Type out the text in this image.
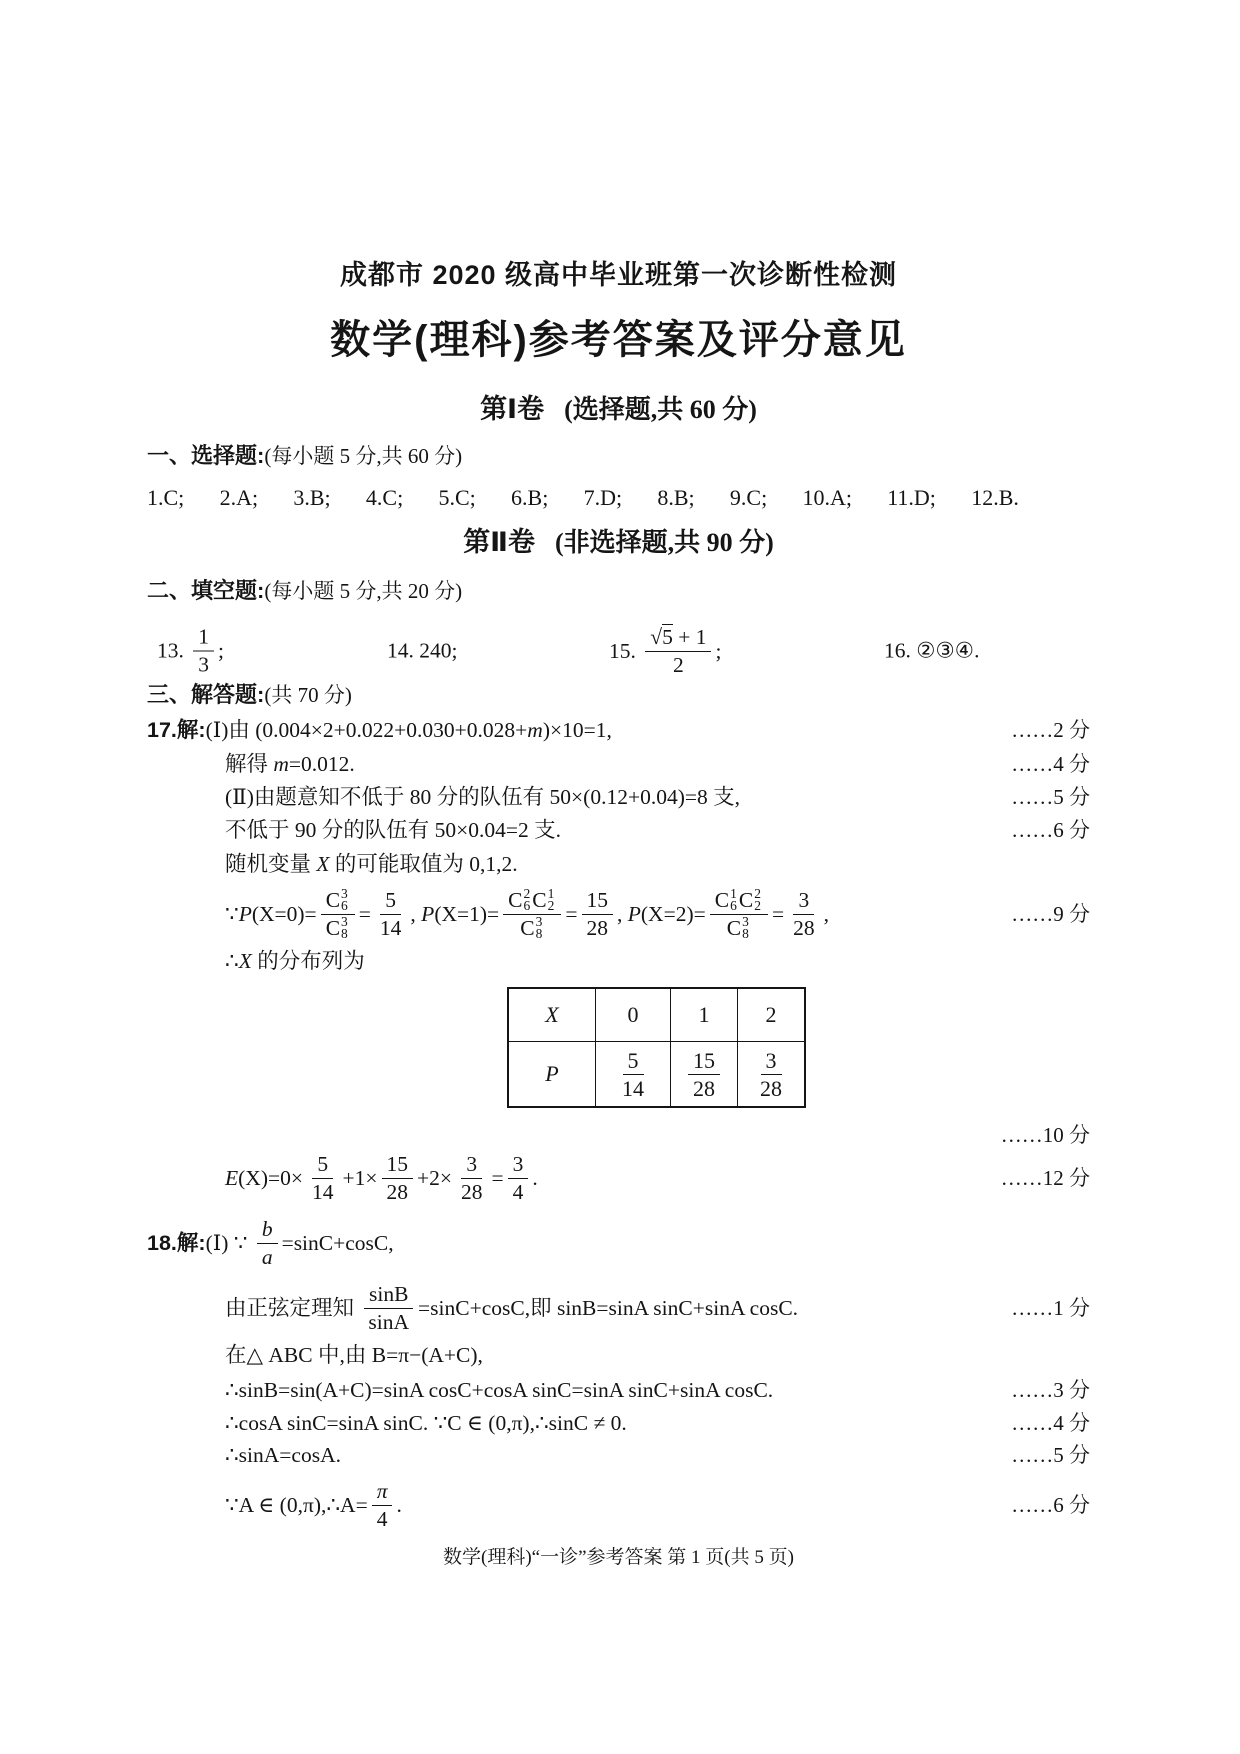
成都市 2020 级高中毕业班第一次诊断性检测
数学(理科)参考答案及评分意见
第Ⅰ卷 (选择题,共 60 分)
一、选择题:(每小题 5 分,共 60 分)
1.C; 2.A; 3.B; 4.C; 5.C; 6.B; 7.D; 8.B; 9.C; 10.A; 11.D; 12.B.
第Ⅱ卷 (非选择题,共 90 分)
二、填空题:(每小题 5 分,共 20 分)
13. $\frac{1}{3}$ ;	14. 240;	15. $\frac{√ 5 + 1}{2}$ ;	16. ②③④.
三、解答题:(共 70 分)
17.解: (Ⅰ)由 (0.004×2+0.022+0.030+0.028+ m )×10=1,	……2 分
解得 m =0.012.	……4 分
(Ⅱ)由题意知不低于 80 分的队伍有 50×(0.12+0.04)=8 支,	……5 分
不低于 90 分的队伍有 50×0.04=2 支.	……6 分
随机变量 X 的可能取值为 0,1,2.
∵ P (X=0)= C 3
6
C 3
$8 = \frac{5}{14}$ , P (X=1)= C 2
6 C 1
2
C 3
$8 = \frac{15}{28}$ , P (X=2)= C 1
6 C 2
2
C 3
$8 = \frac{3}{28}$ ,	……9 分
∴ X 的分布列为
X	0	1	2
P	$\frac{5}{14}$	$\frac{15}{28}$	$\frac{3}{28}$
……10 分
E $(X)=0\times \frac{5}{14} +1\times \frac{15}{28} +2\times \frac{3}{28} = \frac{3}{4}$ .	……12 分
18.解: (Ⅰ) ∵ $\frac{b}{a} =\sin C+\cos C$,
由正弦定理知 $\frac{\sin B}{\sin A} =\sin C+\cos C$,即 sinB=sinA sinC+sinA cosC.	……1 分
在△ ABC 中,由 B=π−(A+C),
∴sinB=sin(A+C)=sinA cosC+cosA sinC=sinA sinC+sinA cosC.	……3 分
∴cosA sinC=sinA sinC. ∵C ∈ (0,π),∴sinC ≠ 0.	……4 分
∴sinA=cosA.	……5 分
∵A ∈ (0,π),∴A= $\frac{\pi}{4}$ .	……6 分
数学(理科)“一诊”参考答案 第 1 页(共 5 页)
